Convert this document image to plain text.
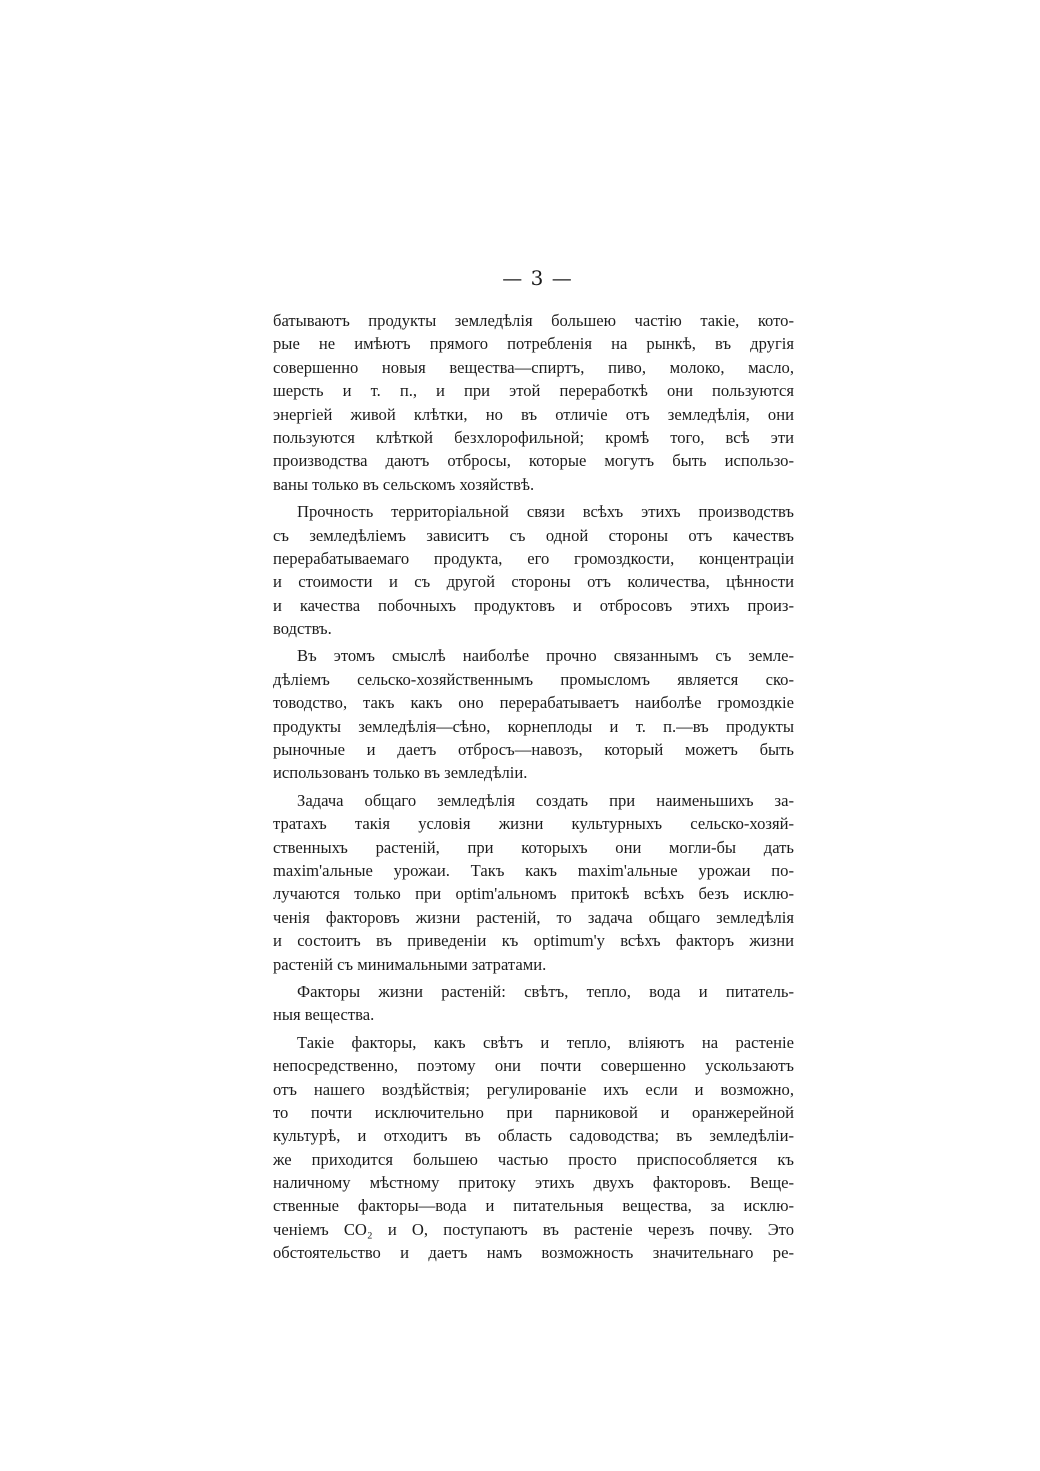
— 3 —
батываютъ продукты земледѣлія большею частію такіе, кото-
рые не имѣютъ прямого потребленія на рынкѣ, въ другія
совершенно новыя вещества—спиртъ, пиво, молоко, масло,
шерсть и т. п., и при этой переработкѣ они пользуются
энергіей живой клѣтки, но въ отличіе отъ земледѣлія, они
пользуются клѣткой безхлорофильной; кромѣ того, всѣ эти
производства даютъ отбросы, которые могутъ быть использо-
ваны только въ сельскомъ хозяйствѣ.
Прочность территоріальной связи всѣхъ этихъ производствъ
съ земледѣліемъ зависитъ съ одной стороны отъ качествъ
перерабатываемаго продукта, его громоздкости, концентраціи
и стоимости и съ другой стороны отъ количества, цѣнности
и качества побочныхъ продуктовъ и отбросовъ этихъ произ-
водствъ.
Въ этомъ смыслѣ наиболѣе прочно связаннымъ съ земле-
дѣліемъ сельско-хозяйственнымъ промысломъ является ско-
товодство, такъ какъ оно перерабатываетъ наиболѣе громоздкіе
продукты земледѣлія—сѣно, корнеплоды и т. п.—въ продукты
рыночные и даетъ отбросъ—навозъ, который можетъ быть
использованъ только въ земледѣліи.
Задача общаго земледѣлія создать при наименьшихъ за-
тратахъ такія условія жизни культурныхъ сельско-хозяй-
ственныхъ растеній, при которыхъ они могли-бы дать
maxim'альные урожаи. Такъ какъ maxim'альные урожаи по-
лучаются только при optim'альномъ притокѣ всѣхъ безъ исклю-
ченія факторовъ жизни растеній, то задача общаго земледѣлія
и состоитъ въ приведеніи къ optimum'у всѣхъ факторъ жизни
растеній съ минимальными затратами.
Факторы жизни растеній: свѣтъ, тепло, вода и питатель-
ныя вещества.
Такіе факторы, какъ свѣтъ и тепло, вліяютъ на растеніе
непосредственно, поэтому они почти совершенно ускользаютъ
отъ нашего воздѣйствія; регулированіе ихъ если и возможно,
то почти исключительно при парниковой и оранжерейной
культурѣ, и отходитъ въ область садоводства; въ земледѣліи-
же приходится большею частью просто приспособляется къ
наличному мѣстному притоку этихъ двухъ факторовъ. Веще-
ственные факторы—вода и питательныя вещества, за исклю-
ченіемъ CO₂ и O, поступаютъ въ растеніе черезъ почву. Это
обстоятельство и даетъ намъ возможность значительнаго ре-
